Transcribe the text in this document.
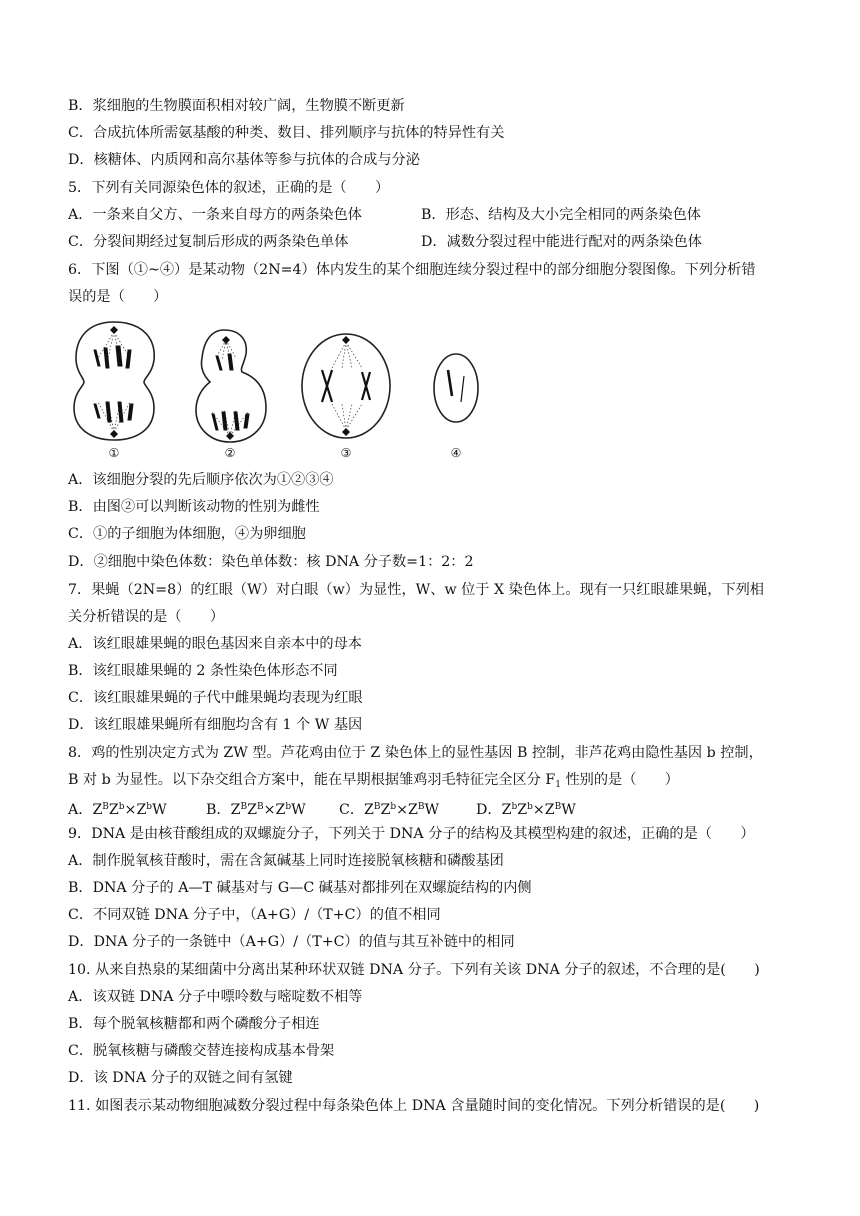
B．浆细胞的生物膜面积相对较广阔，生物膜不断更新
C．合成抗体所需氨基酸的种类、数目、排列顺序与抗体的特异性有关
D．核糖体、内质网和高尔基体等参与抗体的合成与分泌
5．下列有关同源染色体的叙述，正确的是（　　）
A．一条来自父方、一条来自母方的两条染色体	B．形态、结构及大小完全相同的两条染色体
C．分裂间期经过复制后形成的两条染色单体	D．减数分裂过程中能进行配对的两条染色体
6．下图（①~④）是某动物（2N=4）体内发生的某个细胞连续分裂过程中的部分细胞分裂图像。下列分析错
误的是（　　）
①	②	③	④
A．该细胞分裂的先后顺序依次为①②③④
B．由图②可以判断该动物的性别为雌性
C．①的子细胞为体细胞，④为卵细胞
D．②细胞中染色体数：染色单体数：核 DNA 分子数=1：2：2
7．果蝇（2N=8）的红眼（W）对白眼（w）为显性，W、w 位于 X 染色体上。现有一只红眼雄果蝇，下列相
关分析错误的是（　　）
A．该红眼雄果蝇的眼色基因来自亲本中的母本
B．该红眼雄果蝇的 2 条性染色体形态不同
C．该红眼雄果蝇的子代中雌果蝇均表现为红眼
D．该红眼雄果蝇所有细胞均含有 1 个 W 基因
8．鸡的性别决定方式为 ZW 型。芦花鸡由位于 Z 染色体上的显性基因 B 控制，非芦花鸡由隐性基因 b 控制，
B 对 b 为显性。以下杂交组合方案中，能在早期根据雏鸡羽毛特征完全区分 $F_1$ 性别的是（　　）
A．$Z^BZ^b\times Z^bW$	B．$Z^BZ^B\times Z^bW$ C．$Z^BZ^b\times Z^BW$	D．$Z^bZ^b\times Z^BW$
9．DNA 是由核苷酸组成的双螺旋分子，下列关于 DNA 分子的结构及其模型构建的叙述，正确的是（　　）
A．制作脱氧核苷酸时，需在含氮碱基上同时连接脱氧核糖和磷酸基团
B．DNA 分子的 A—T 碱基对与 G—C 碱基对都排列在双螺旋结构的内侧
C．不同双链 DNA 分子中，（A+G）/（T+C）的值不相同
D．DNA 分子的一条链中（A+G）/（T+C）的值与其互补链中的相同
10. 从来自热泉的某细菌中分离出某种环状双链 DNA 分子。下列有关该 DNA 分子的叙述，不合理的是(　　)
A．该双链 DNA 分子中嘌呤数与嘧啶数不相等
B．每个脱氧核糖都和两个磷酸分子相连
C．脱氧核糖与磷酸交替连接构成基本骨架
D．该 DNA 分子的双链之间有氢键
11. 如图表示某动物细胞减数分裂过程中每条染色体上 DNA 含量随时间的变化情况。下列分析错误的是(　　)
